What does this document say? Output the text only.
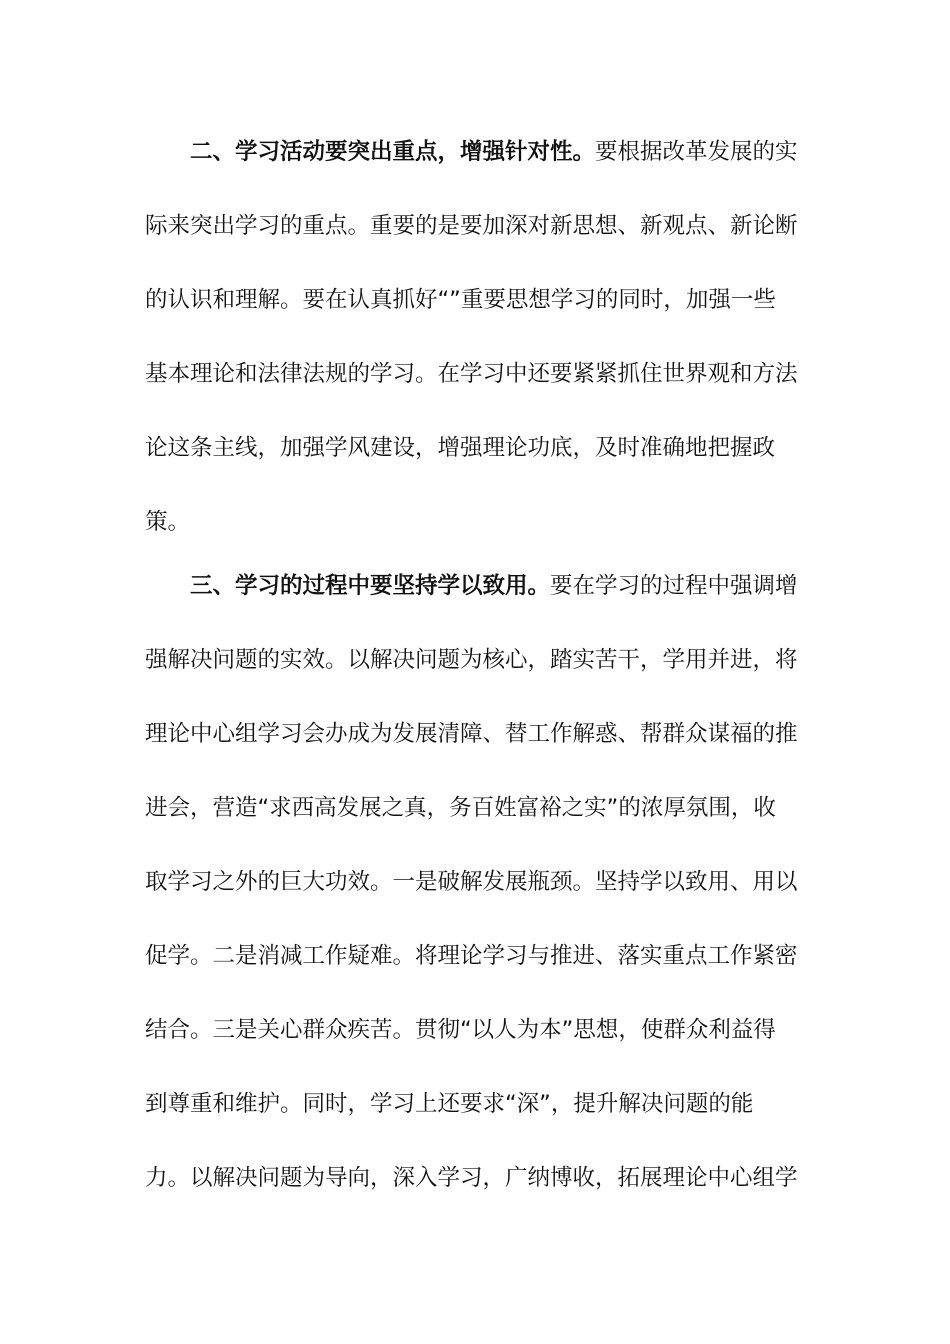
二、学习活动要突出重点，增强针对性。要根据改革发展的实
际来突出学习的重点。重要的是要加深对新思想、新观点、新论断
的认识和理解。要在认真抓好“”重要思想学习的同时，加强一些
基本理论和法律法规的学习。在学习中还要紧紧抓住世界观和方法
论这条主线，加强学风建设，增强理论功底，及时准确地把握政
策。
三、学习的过程中要坚持学以致用。要在学习的过程中强调增
强解决问题的实效。以解决问题为核心，踏实苦干，学用并进，将
理论中心组学习会办成为发展清障、替工作解惑、帮群众谋福的推
进会，营造“求西高发展之真，务百姓富裕之实”的浓厚氛围，收
取学习之外的巨大功效。一是破解发展瓶颈。坚持学以致用、用以
促学。二是消减工作疑难。将理论学习与推进、落实重点工作紧密
结合。三是关心群众疾苦。贯彻“以人为本”思想，使群众利益得
到尊重和维护。同时，学习上还要求“深”，提升解决问题的能
力。以解决问题为导向，深入学习，广纳博收，拓展理论中心组学
